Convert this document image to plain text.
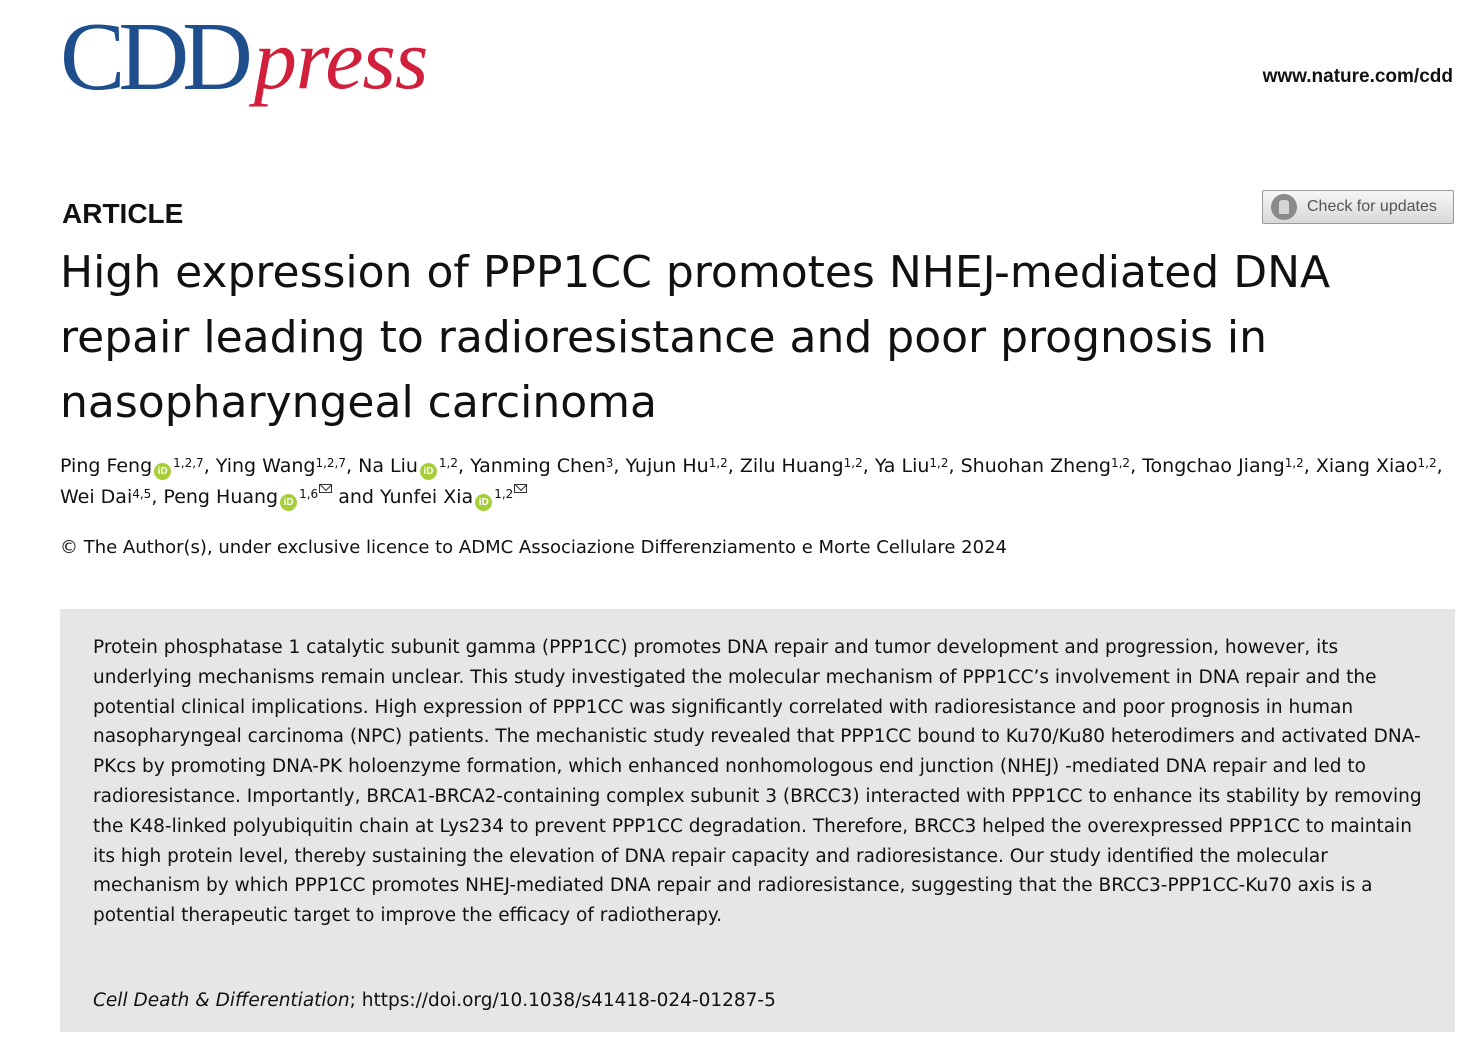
CDDpress	www.nature.com/cdd
ARTICLE	Check for updates
High expression of PPP1CC promotes NHEJ-mediated DNA repair leading to radioresistance and poor prognosis in nasopharyngeal carcinoma
Ping Feng iD$^{1,2,7}$, Ying Wang$^{1,2,7}$, Na Liu iD$^{1,2}$, Yanming Chen$^3$, Yujun Hu$^{1,2}$, Zilu Huang$^{1,2}$, Ya Liu$^{1,2}$, Shuohan Zheng$^{1,2}$, Tongchao Jiang$^{1,2}$, Xiang Xiao$^{1,2}$, Wei Dai$^{4,5}$, Peng Huang iD$^{1,6}$ and Yunfei Xia iD$^{1,2}$
© The Author(s), under exclusive licence to ADMC Associazione Differenziamento e Morte Cellulare 2024

Protein phosphatase 1 catalytic subunit gamma (PPP1CC) promotes DNA repair and tumor development and progression, however, its underlying mechanisms remain unclear. This study investigated the molecular mechanism of PPP1CC’s involvement in DNA repair and the potential clinical implications. High expression of PPP1CC was significantly correlated with radioresistance and poor prognosis in human nasopharyngeal carcinoma (NPC) patients. The mechanistic study revealed that PPP1CC bound to Ku70/Ku80 heterodimers and activated DNA-PKcs by promoting DNA-PK holoenzyme formation, which enhanced nonhomologous end junction (NHEJ) -mediated DNA repair and led to radioresistance. Importantly, BRCA1-BRCA2-containing complex subunit 3 (BRCC3) interacted with PPP1CC to enhance its stability by removing the K48-linked polyubiquitin chain at Lys234 to prevent PPP1CC degradation. Therefore, BRCC3 helped the overexpressed PPP1CC to maintain its high protein level, thereby sustaining the elevation of DNA repair capacity and radioresistance. Our study identified the molecular mechanism by which PPP1CC promotes NHEJ-mediated DNA repair and radioresistance, suggesting that the BRCC3-PPP1CC-Ku70 axis is a potential therapeutic target to improve the efficacy of radiotherapy.

Cell Death & Differentiation; https://doi.org/10.1038/s41418-024-01287-5
